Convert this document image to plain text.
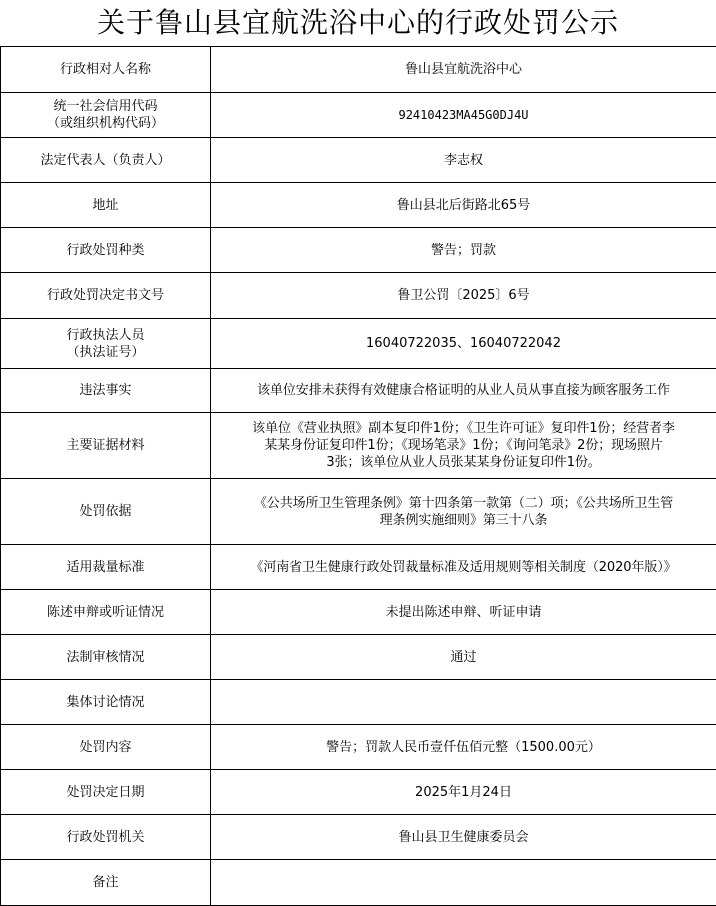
关于鲁山县宜航洗浴中心的行政处罚公示
行政相对人名称	鲁山县宜航洗浴中心

统一社会信用代码
（或组织机构代码）	92410423MA45G0DJ4U

法定代表人（负责人）	李志权

地址	鲁山县北后街路北65号

行政处罚种类	警告；罚款

行政处罚决定书文号	鲁卫公罚〔2025〕6号

行政执法人员
（执法证号）	16040722035、16040722042

违法事实	该单位安排未获得有效健康合格证明的从业人员从事直接为顾客服务工作

主要证据材料	该单位《营业执照》副本复印件1份；《卫生许可证》复印件1份；经营者李
某某身份证复印件1份；《现场笔录》1份；《询问笔录》2份；现场照片
3张；该单位从业人员张某某身份证复印件1份。

处罚依据	《公共场所卫生管理条例》第十四条第一款第（二）项；《公共场所卫生管
理条例实施细则》第三十八条

适用裁量标准	《河南省卫生健康行政处罚裁量标准及适用规则等相关制度（2020年版）》

陈述申辩或听证情况	未提出陈述申辩、听证申请

法制审核情况	通过

集体讨论情况	

处罚内容	警告；罚款人民币壹仟伍佰元整（1500.00元）

处罚决定日期	2025年1月24日

行政处罚机关	鲁山县卫生健康委员会

备注	
